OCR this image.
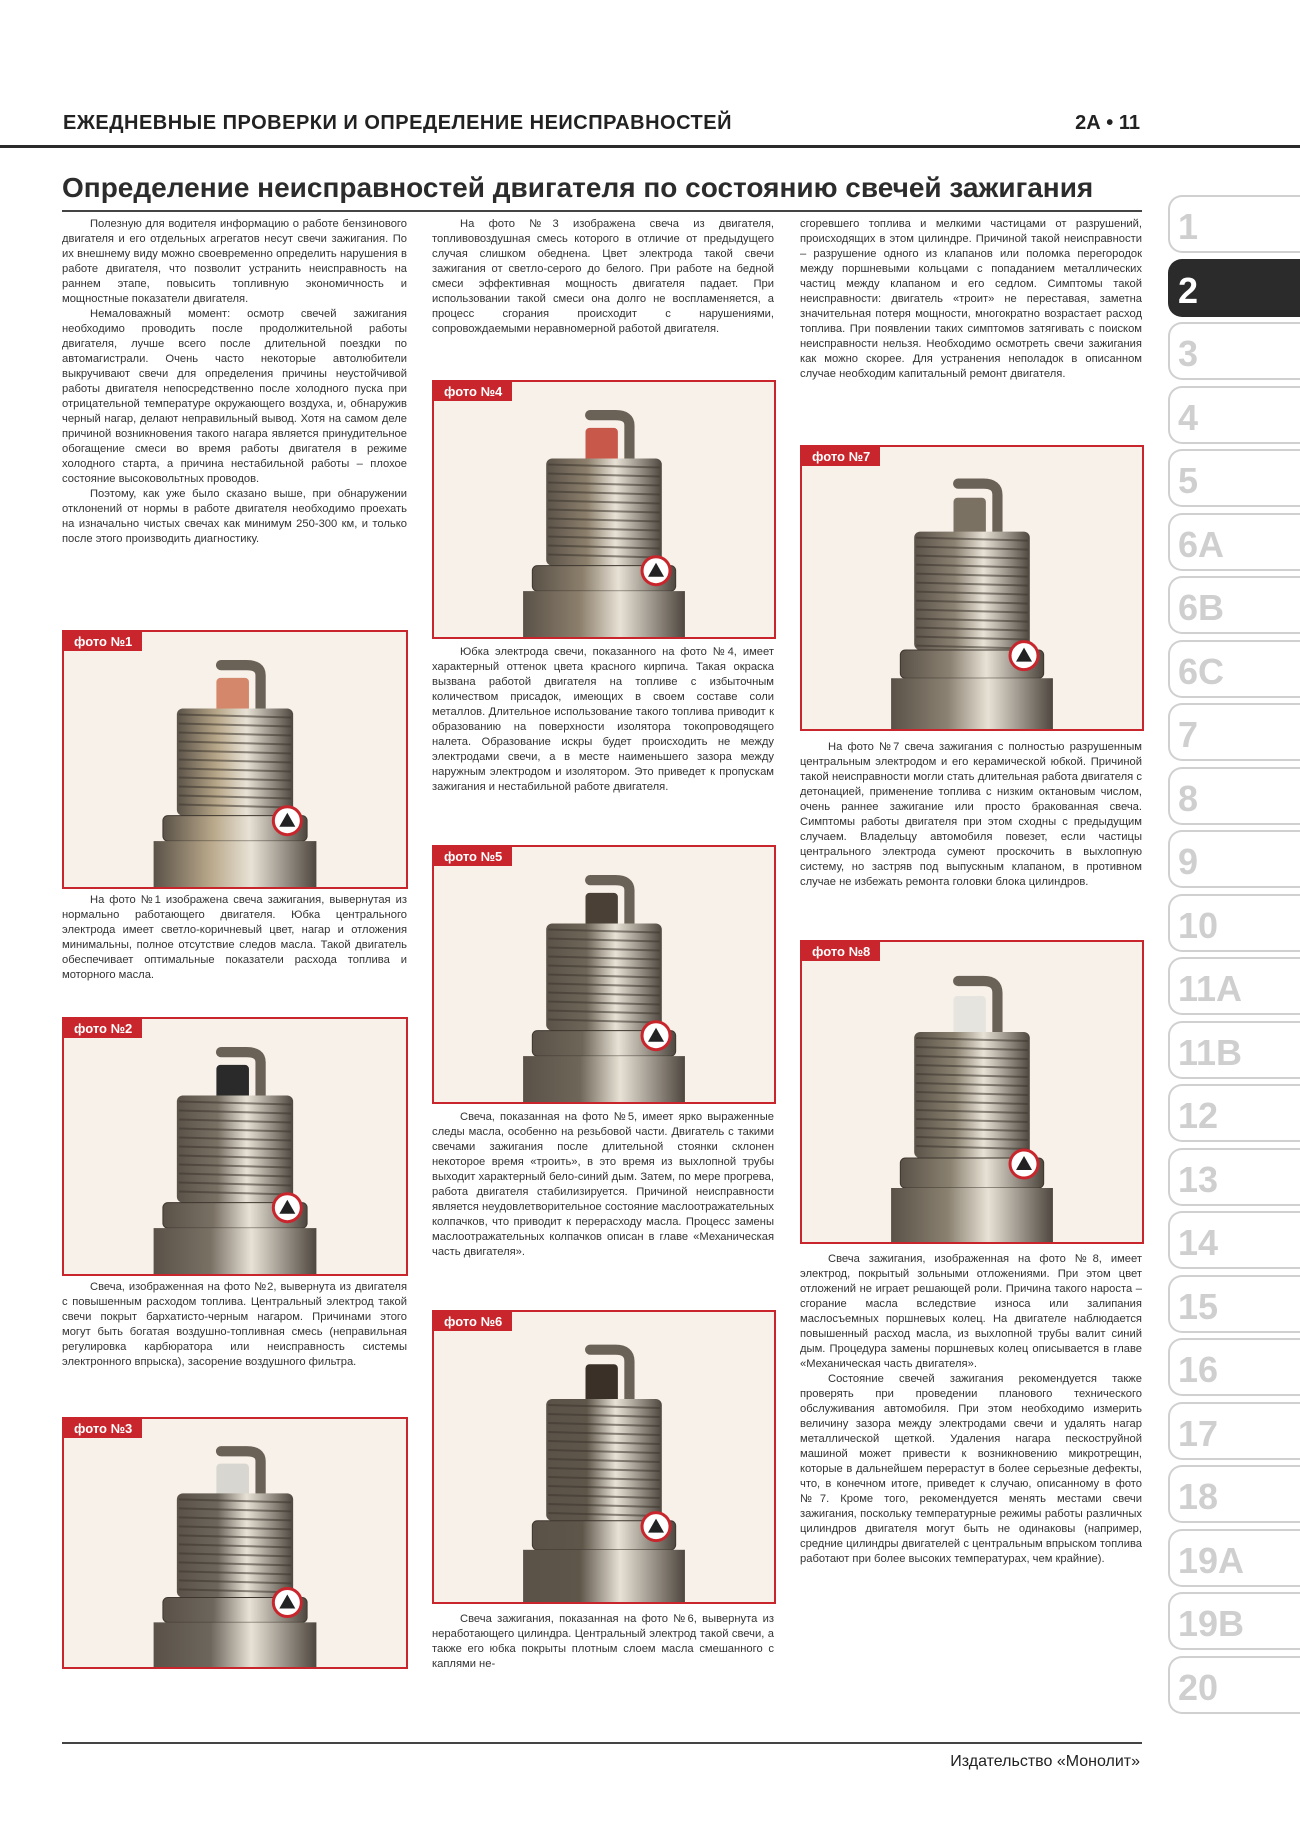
ЕЖЕДНЕВНЫЕ ПРОВЕРКИ И ОПРЕДЕЛЕНИЕ НЕИСПРАВНОСТЕЙ	2А • 11
Определение неисправностей двигателя по состоянию свечей зажигания

Полезную для водителя информацию о работе бензинового двигателя и его отдельных агрегатов несут свечи зажигания. По их внешнему виду можно своевременно определить нарушения в работе двигателя, что позволит устранить неисправность на раннем этапе, повысить топливную экономичность и мощностные показатели двигателя.

Немаловажный момент: осмотр свечей зажигания необходимо проводить после продолжительной работы двигателя, лучше всего после длительной поездки по автомагистрали. Очень часто некоторые автолюбители выкручивают свечи для определения причины неустойчивой работы двигателя непосредственно после холодного пуска при отрицательной температуре окружающего воздуха, и, обнаружив черный нагар, делают неправильный вывод. Хотя на самом деле причиной возникновения такого нагара является принудительное обогащение смеси во время работы двигателя в режиме холодного старта, а причина нестабильной работы – плохое состояние высоковольтных проводов.

Поэтому, как уже было сказано выше, при обнаружении отклонений от нормы в работе двигателя необходимо проехать на изначально чистых свечах как минимум 250-300 км, и только после этого производить диагностику.

фото №1

На фото №1 изображена свеча зажигания, вывернутая из нормально работающего двигателя. Юбка центрального электрода имеет светло-коричневый цвет, нагар и отложения минимальны, полное отсутствие следов масла. Такой двигатель обеспечивает оптимальные показатели расхода топлива и моторного масла.

фото №2

Свеча, изображенная на фото №2, вывернута из двигателя с повышенным расходом топлива. Центральный электрод такой свечи покрыт бархатисто-черным нагаром. Причинами этого могут быть богатая воздушно-топливная смесь (неправильная регулировка карбюратора или неисправность системы электронного впрыска), засорение воздушного фильтра.

фото №3

На фото №3 изображена свеча из двигателя, топливовоздушная смесь которого в отличие от предыдущего случая слишком обеднена. Цвет электрода такой свечи зажигания от светло-серого до белого. При работе на бедной смеси эффективная мощность двигателя падает. При использовании такой смеси она долго не воспламеняется, а процесс сгорания происходит с нарушениями, сопровождаемыми неравномерной работой двигателя.

фото №4

Юбка электрода свечи, показанного на фото №4, имеет характерный оттенок цвета красного кирпича. Такая окраска вызвана работой двигателя на топливе с избыточным количеством присадок, имеющих в своем составе соли металлов. Длительное использование такого топлива приводит к образованию на поверхности изолятора токопроводящего налета. Образование искры будет происходить не между электродами свечи, а в месте наименьшего зазора между наружным электродом и изолятором. Это приведет к пропускам зажигания и нестабильной работе двигателя.

фото №5

Свеча, показанная на фото №5, имеет ярко выраженные следы масла, особенно на резьбовой части. Двигатель с такими свечами зажигания после длительной стоянки склонен некоторое время «троить», в это время из выхлопной трубы выходит характерный бело-синий дым. Затем, по мере прогрева, работа двигателя стабилизируется. Причиной неисправности является неудовлетворительное состояние маслоотражательных колпачков, что приводит к перерасходу масла. Процесс замены маслоотражательных колпачков описан в главе «Механическая часть двигателя».

фото №6

Свеча зажигания, показанная на фото №6, вывернута из неработающего цилиндра. Центральный электрод такой свечи, а также его юбка покрыты плотным слоем масла смешанного с каплями не-

сгоревшего топлива и мелкими частицами от разрушений, происходящих в этом цилиндре. Причиной такой неисправности – разрушение одного из клапанов или поломка перегородок между поршневыми кольцами с попаданием металлических частиц между клапаном и его седлом. Симптомы такой неисправности: двигатель «троит» не переставая, заметна значительная потеря мощности, многократно возрастает расход топлива. При появлении таких симптомов затягивать с поиском неисправности нельзя. Необходимо осмотреть свечи зажигания как можно скорее. Для устранения неполадок в описанном случае необходим капитальный ремонт двигателя.

фото №7

На фото №7 свеча зажигания с полностью разрушенным центральным электродом и его керамической юбкой. Причиной такой неисправности могли стать длительная работа двигателя с детонацией, применение топлива с низким октановым числом, очень раннее зажигание или просто бракованная свеча. Симптомы работы двигателя при этом сходны с предыдущим случаем. Владельцу автомобиля повезет, если частицы центрального электрода сумеют проскочить в выхлопную систему, но застряв под выпускным клапаном, в противном случае не избежать ремонта головки блока цилиндров.

фото №8

Свеча зажигания, изображенная на фото №8, имеет электрод, покрытый зольными отложениями. При этом цвет отложений не играет решающей роли. Причина такого нароста – сгорание масла вследствие износа или залипания маслосъемных поршневых колец. На двигателе наблюдается повышенный расход масла, из выхлопной трубы валит синий дым. Процедура замены поршневых колец описывается в главе «Механическая часть двигателя».

Состояние свечей зажигания рекомендуется также проверять при проведении планового технического обслуживания автомобиля. При этом необходимо измерить величину зазора между электродами свечи и удалять нагар металлической щеткой. Удаления нагара пескоструйной машиной может привести к возникновению микротрещин, которые в дальнейшем перерастут в более серьезные дефекты, что, в конечном итоге, приведет к случаю, описанному в фото №7. Кроме того, рекомендуется менять местами свечи зажигания, поскольку температурные режимы работы различных цилиндров двигателя могут быть не одинаковы (например, средние цилиндры двигателей с центральным впрыском топлива работают при более высоких температурах, чем крайние).

1
2
3
4
5
6A
6B
6C
7
8
9
10
11A
11B
12
13
14
15
16
17
18
19A
19B
20
Издательство «Монолит»
